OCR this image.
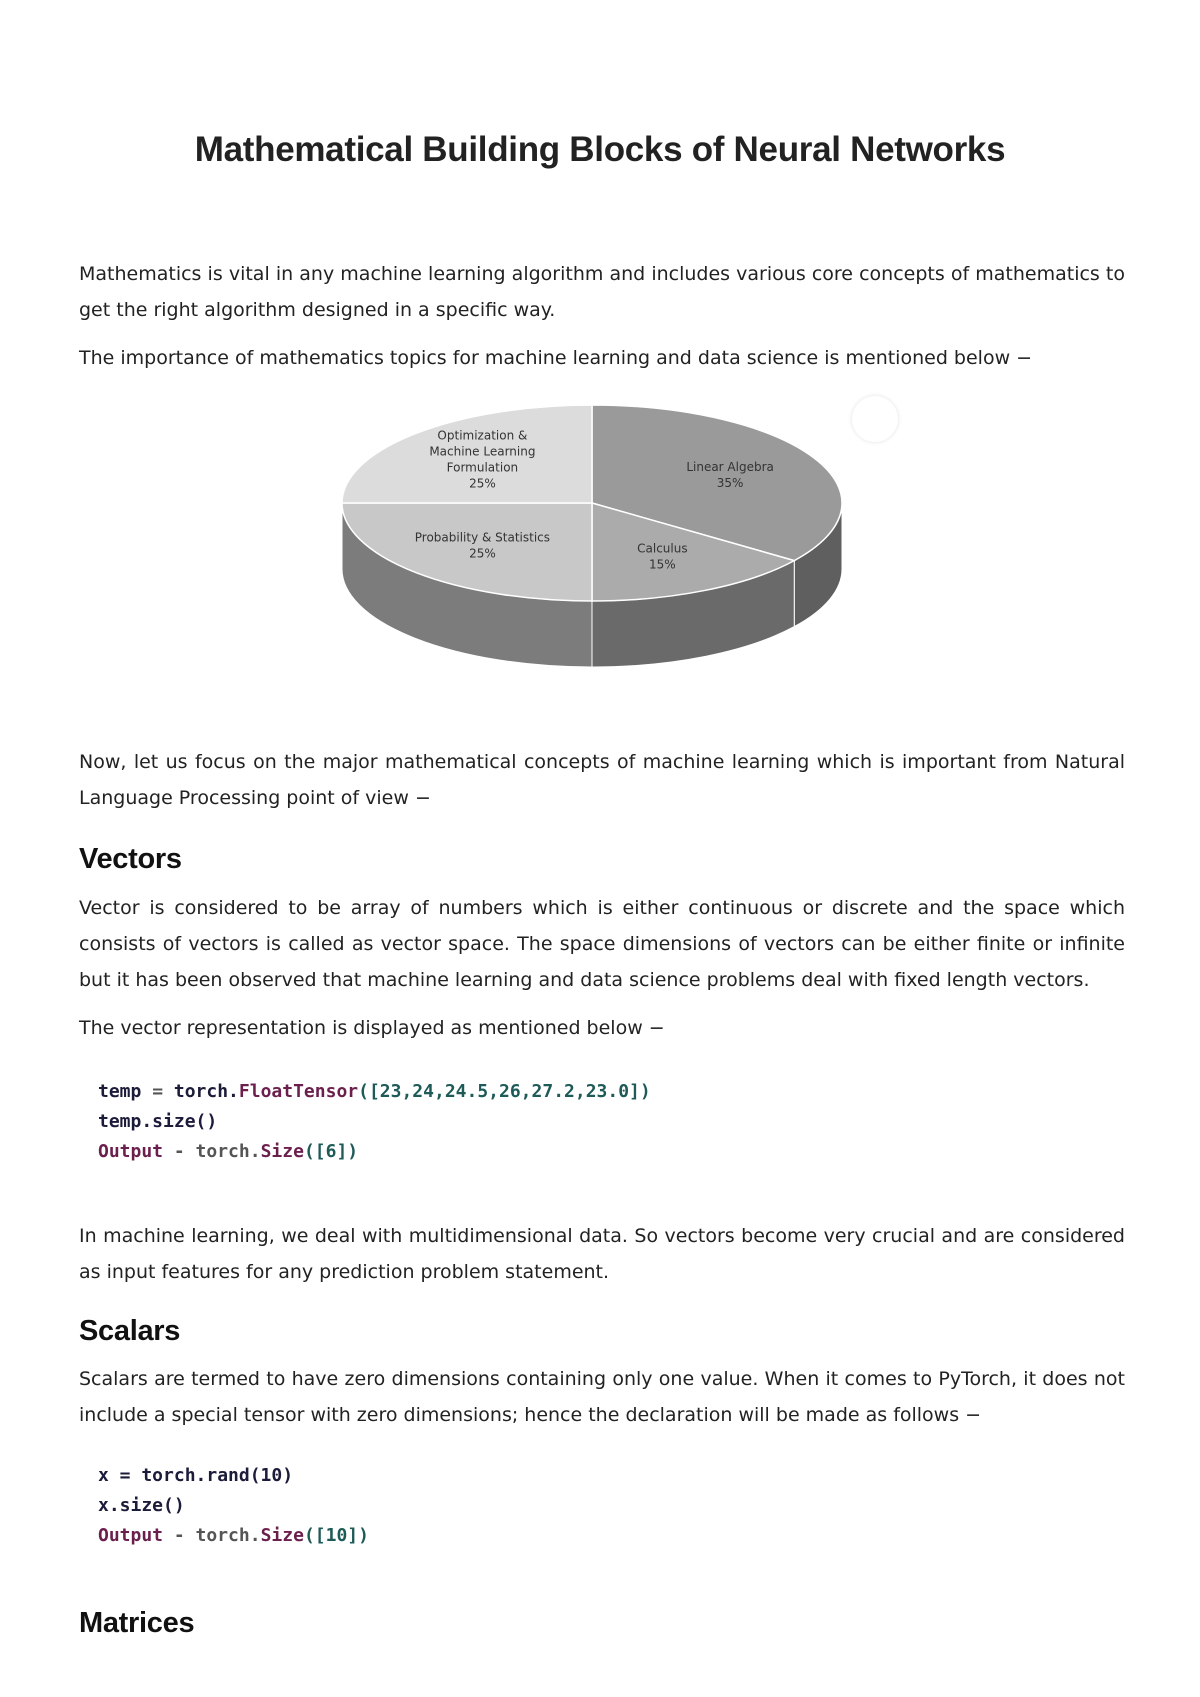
Mathematical Building Blocks of Neural Networks

Mathematics is vital in any machine learning algorithm and includes various core concepts of mathematics to get the right algorithm designed in a specific way.

The importance of mathematics topics for machine learning and data science is mentioned below −

Linear Algebra
35%
Calculus
15%
Probability & Statistics
25%
Optimization &
Machine Learning
Formulation
25%

Now, let us focus on the major mathematical concepts of machine learning which is important from Natural Language Processing point of view −

Vectors

Vector is considered to be array of numbers which is either continuous or discrete and the space which consists of vectors is called as vector space. The space dimensions of vectors can be either finite or infinite but it has been observed that machine learning and data science problems deal with fixed length vectors.

The vector representation is displayed as mentioned below −

temp = torch.FloatTensor([23,24,24.5,26,27.2,23.0])
temp.size()
Output - torch.Size([6])

In machine learning, we deal with multidimensional data. So vectors become very crucial and are considered as input features for any prediction problem statement.

Scalars

Scalars are termed to have zero dimensions containing only one value. When it comes to PyTorch, it does not include a special tensor with zero dimensions; hence the declaration will be made as follows −

x = torch.rand(10)
x.size()
Output - torch.Size([10])
Matrices
